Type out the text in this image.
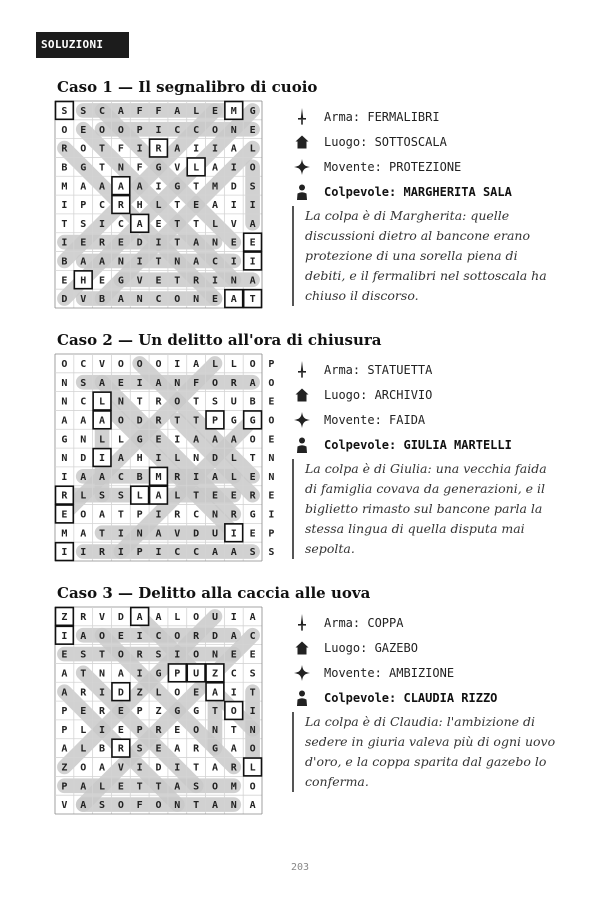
SOLUZIONI
Caso 1 — Il segnalibro di cuoio
S S C A F F A L E M G
O E O O P I C C O N E
R O T F I R A I I A L
B G T N F G V L A I O
M A A A A I G T M D S
I P C R H L T E A I I
T S I C A E T T L V A
I E R E D I T A N E E
B A A N I T N A C I I
E H E G V E T R I N A
D V B A N C O N E A T
Arma: FERMALIBRI
Luogo: SOTTOSCALA
Movente: PROTEZIONE
Colpevole: MARGHERITA SALA
La colpa è di Margherita: quelle discussioni dietro al bancone erano protezione di una sorella piena di debiti, e il fermalibri nel sottoscala ha chiuso il discorso.
Caso 2 — Un delitto all'ora di chiusura
O C V O O O I A L L O P
N S A E I A N F O R A O
N C L N T R O T S U B E
A A A O D R T T P G G O
G N L L G E I A A A O E
N D I A H I L N D L T N
I A A C B M R I A L E N
R L S S L A L T E E R E
E O A T P I R C N R G I
M A T I N A V D U I E P
I I R I P I C C A A S S
Arma: STATUETTA
Luogo: ARCHIVIO
Movente: FAIDA
Colpevole: GIULIA MARTELLI
La colpa è di Giulia: una vecchia faida di famiglia covava da generazioni, e il biglietto rimasto sul bancone parla la stessa lingua di quella disputa mai sepolta.
Caso 3 — Delitto alla caccia alle uova
Z R V D A A L O U I A
I A O E I C O R D A C
E S T O R S I O N E E
A T N A I G P U Z C S
A R I D Z L O E A I T
P E R E P Z G G T O I
P L I E P R E O N T N
A L B R S E A R G A O
Z O A V I D I T A R L
P A L E T T A S O M O
V A S O F O N T A N A
Arma: COPPA
Luogo: GAZEBO
Movente: AMBIZIONE
Colpevole: CLAUDIA RIZZO
La colpa è di Claudia: l'ambizione di sedere in giuria valeva più di ogni uovo d'oro, e la coppa sparita dal gazebo lo conferma.
203
